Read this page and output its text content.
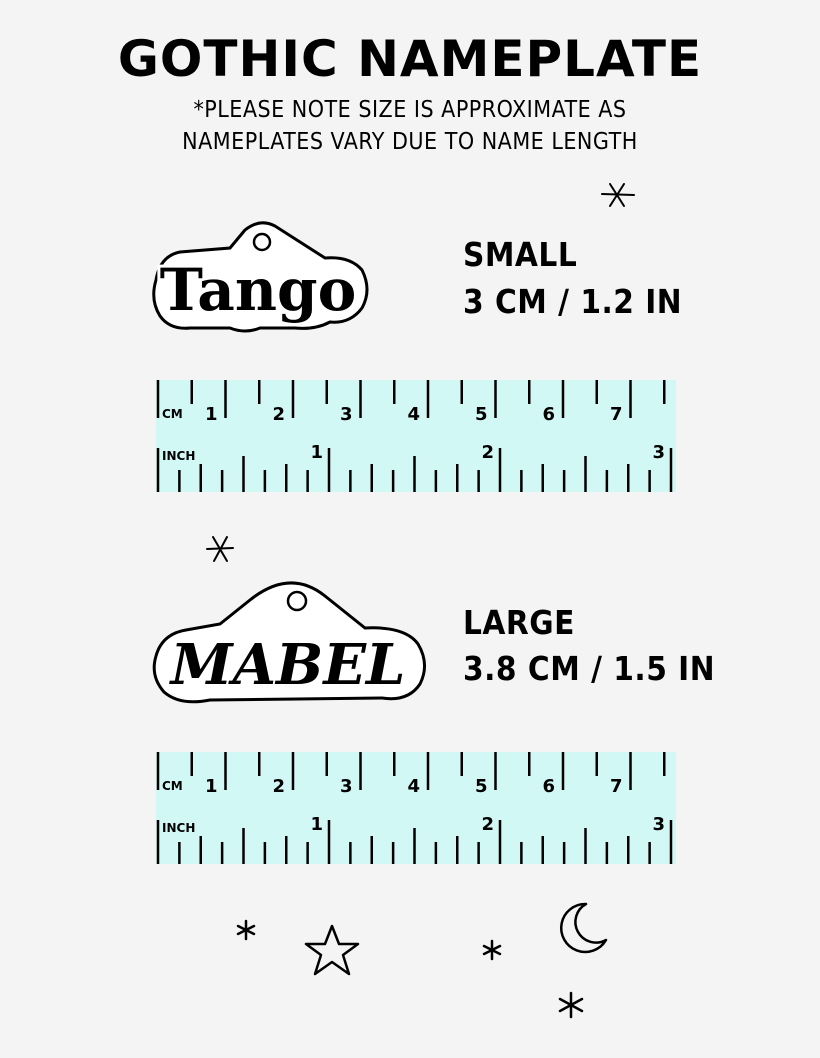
GOTHIC NAMEPLATE
*PLEASE NOTE SIZE IS APPROXIMATE AS
NAMEPLATES VARY DUE TO NAME LENGTH
Tango
SMALL
3 CM / 1.2 IN
CM 1	2	3	4	5	6	7
INCH	1	2	3
MABEL
LARGE
3.8 CM / 1.5 IN
CM 1	2	3	4	5	6	7
INCH	1	2	3
